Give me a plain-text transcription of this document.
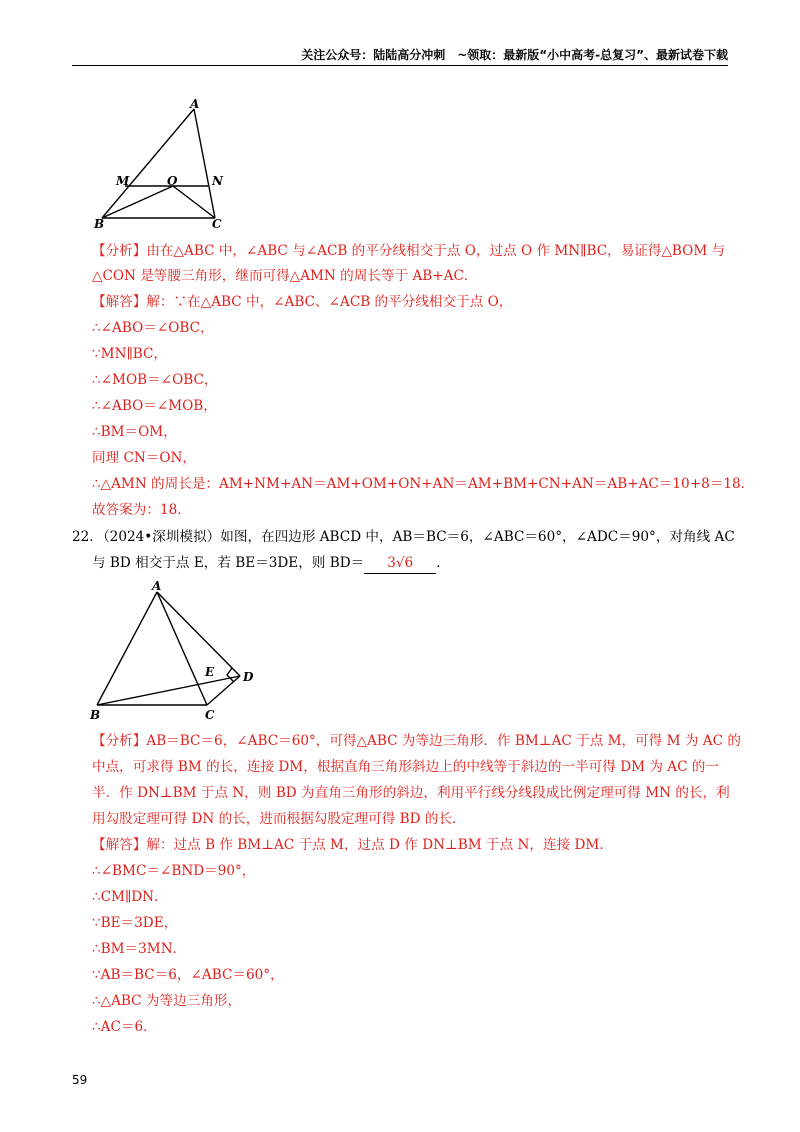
关注公众号：陆陆高分冲刺　~领取：最新版“小中高考-总复习”、最新试卷下载
A
M	O	N
B	C
【分析】由在△ABC 中，∠ABC 与∠ACB 的平分线相交于点 O，过点 O 作 MN∥BC，易证得△BOM 与
△CON 是等腰三角形，继而可得△AMN 的周长等于 AB+AC．
【解答】解：∵在△ABC 中，∠ABC、∠ACB 的平分线相交于点 O，
∴∠ABO＝∠OBC，
∵MN∥BC，
∴∠MOB＝∠OBC，
∴∠ABO＝∠MOB，
∴BM＝OM，
同理 CN＝ON，
∴△AMN 的周长是：AM+NM+AN＝AM+OM+ON+AN＝AM+BM+CN+AN＝AB+AC＝10+8＝18．
故答案为：18．
22．（2024•深圳模拟）如图，在四边形 ABCD 中，AB＝BC＝6，∠ABC＝60°，∠ADC＝90°，对角线 AC
与 BD 相交于点 E，若 BE＝3DE，则 BD＝ 3√6 ．
A
E D
B	C
【分析】AB＝BC＝6，∠ABC＝60°，可得△ABC 为等边三角形．作 BM⊥AC 于点 M，可得 M 为 AC 的
中点，可求得 BM 的长，连接 DM，根据直角三角形斜边上的中线等于斜边的一半可得 DM 为 AC 的一
半．作 DN⊥BM 于点 N，则 BD 为直角三角形的斜边，利用平行线分线段成比例定理可得 MN 的长，利
用勾股定理可得 DN 的长，进而根据勾股定理可得 BD 的长．
【解答】解：过点 B 作 BM⊥AC 于点 M，过点 D 作 DN⊥BM 于点 N，连接 DM．
∴∠BMC＝∠BND＝90°，
∴CM∥DN．
∵BE＝3DE，
∴BM＝3MN．
∵AB＝BC＝6，∠ABC＝60°，
∴△ABC 为等边三角形，
∴AC＝6．
59
